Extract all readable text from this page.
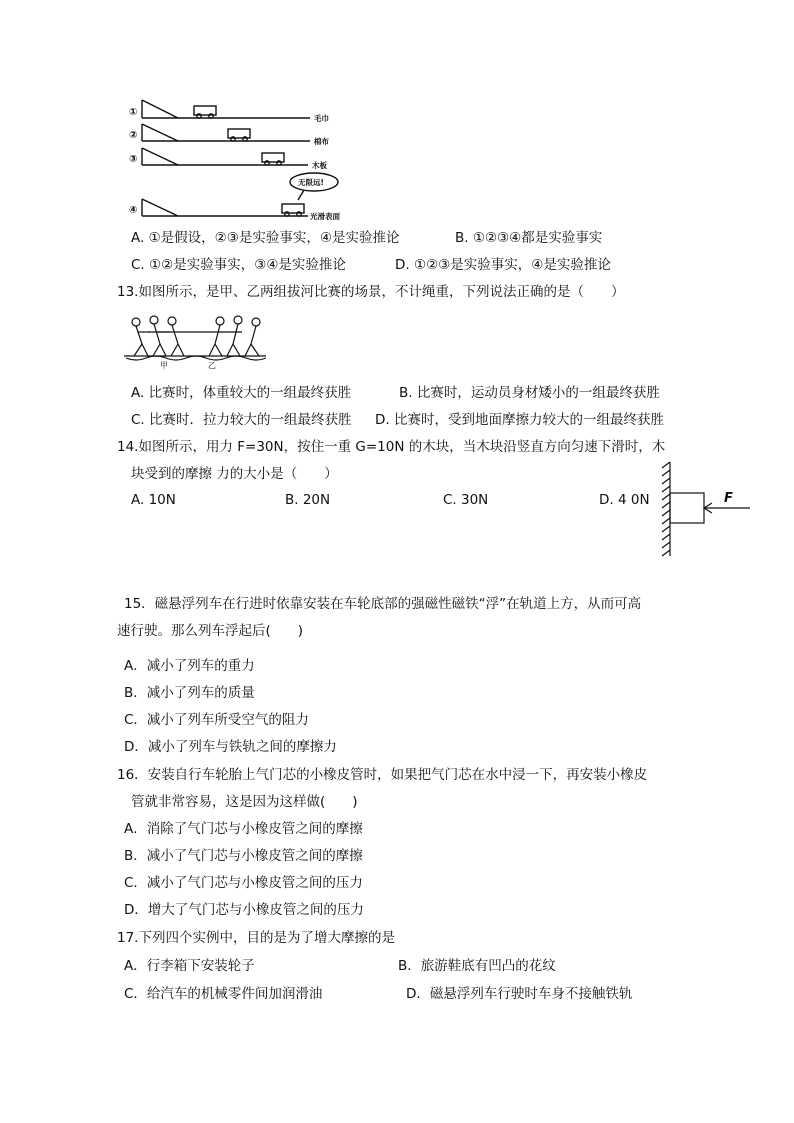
①
②
③
④
毛巾
棉布
木板
光滑表面
无限远!
A. ①是假设，②③是实验事实，④是实验推论	B. ①②③④都是实验事实
C. ①②是实验事实，③④是实验推论	D. ①②③是实验事实，④是实验推论
13.如图所示，是甲、乙两组拔河比赛的场景，不计绳重，下列说法正确的是（　　）
甲	乙
A. 比赛时，体重较大的一组最终获胜	B. 比赛时，运动员身材矮小的一组最终获胜
C. 比赛时．拉力较大的一组最终获胜 D. 比赛时，受到地面摩擦力较大的一组最终获胜
14.如图所示，用力 F=30N，按住一重 G=10N 的木块，当木块沿竖直方向匀速下滑时，木
块受到的摩擦 力的大小是（　　）
A. 10N	B. 20N	C. 30N	D. 4 0N	F
15．磁悬浮列车在行进时依靠安装在车轮底部的强磁性磁铁“浮”在轨道上方，从而可高
速行驶。那么列车浮起后(　　)
A．减小了列车的重力
B．减小了列车的质量
C．减小了列车所受空气的阻力
D．减小了列车与铁轨之间的摩擦力
16．安装自行车轮胎上气门芯的小橡皮管时，如果把气门芯在水中浸一下，再安装小橡皮
管就非常容易，这是因为这样做(　　)
A．消除了气门芯与小橡皮管之间的摩擦
B．减小了气门芯与小橡皮管之间的摩擦
C．减小了气门芯与小橡皮管之间的压力
D．增大了气门芯与小橡皮管之间的压力
17.下列四个实例中，目的是为了增大摩擦的是
A．行李箱下安装轮子	B．旅游鞋底有凹凸的花纹
C．给汽车的机械零件间加润滑油	D．磁悬浮列车行驶时车身不接触铁轨
